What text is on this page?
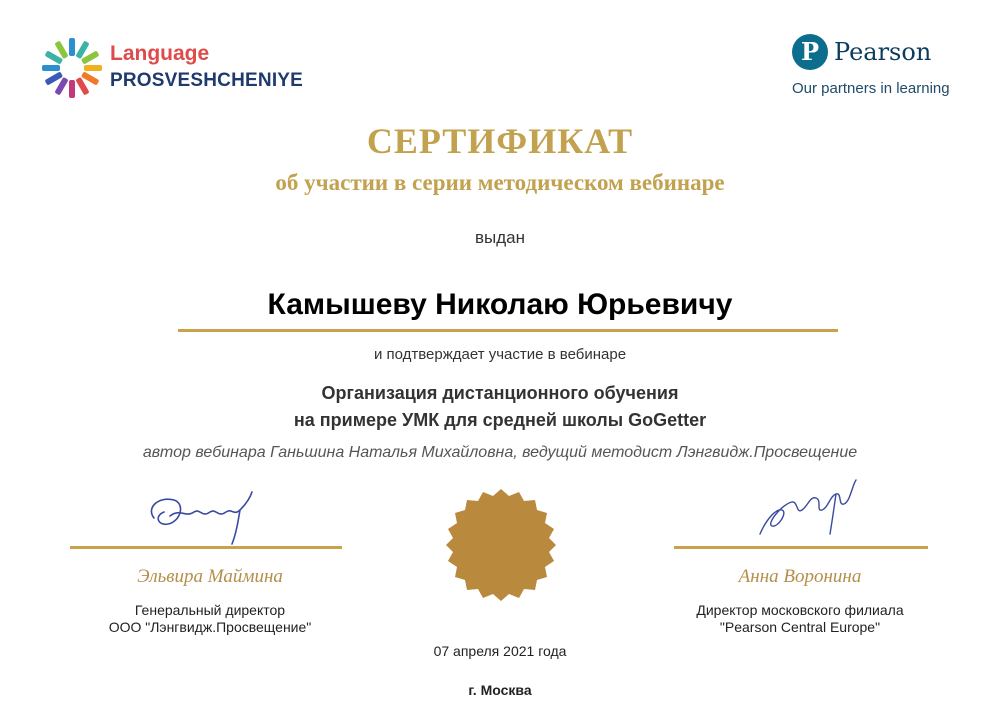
Language
PROSVESHCHENIYE
P Pearson
Our partners in learning
СЕРТИФИКАТ
об участии в серии методическом вебинаре
выдан
Камышеву Николаю Юрьевичу
и подтверждает участие в вебинаре
Организация дистанционного обучения
на примере УМК для средней школы GoGetter
автор вебинара Ганьшина Наталья Михайловна, ведущий методист Лэнгвидж.Просвещение
Эльвира Маймина
Генеральный директор
ООО "Лэнгвидж.Просвещение"
Анна Воронина
Директор московского филиала
"Pearson Central Europe"
07 апреля 2021 года
г. Москва
